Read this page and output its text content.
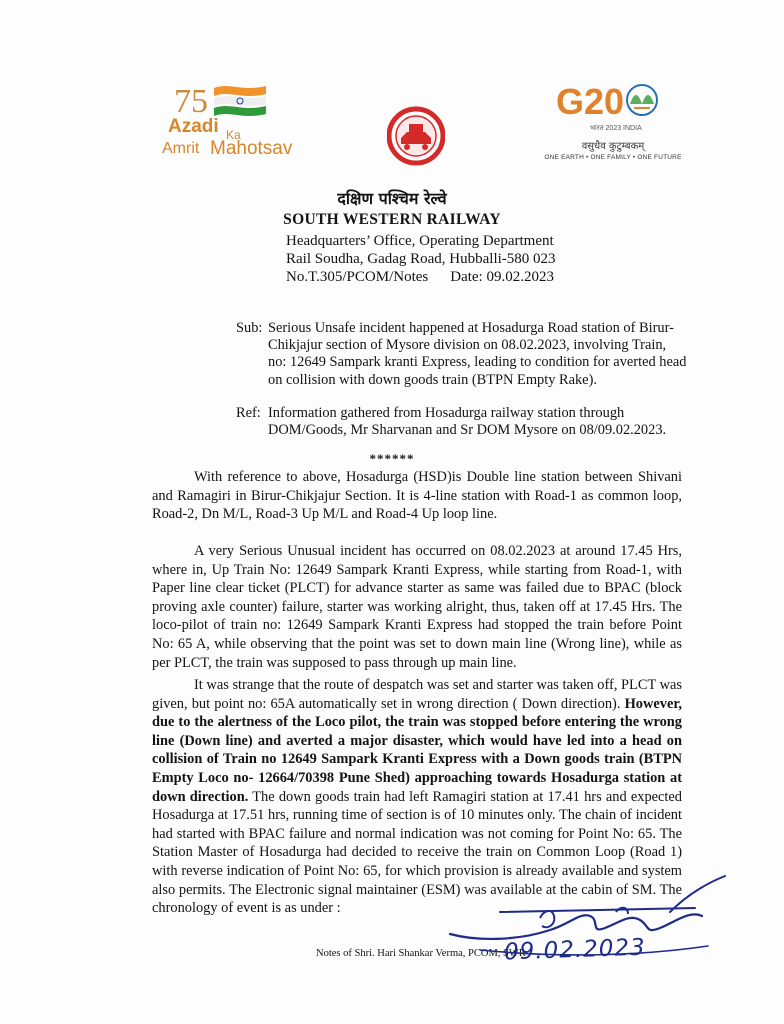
75
Azadi Ka
Amrit Mahotsav
G20
भारत 2023 INDIA
वसुधैव कुटुम्बकम्
ONE EARTH • ONE FAMILY • ONE FUTURE
दक्षिण पश्चिम रेल्वे
SOUTH WESTERN RAILWAY
Headquarters’ Office, Operating Department
Rail Soudha, Gadag Road, Hubballi-580 023
No.T.305/PCOM/Notes Date: 09.02.2023
Sub: Serious Unsafe incident happened at Hosadurga Road station of Birur-Chikjajur section of Mysore division on 08.02.2023, involving Train, no: 12649 Sampark kranti Express, leading to condition for averted head on collision with down goods train (BTPN Empty Rake).
Ref: Information gathered from Hosadurga railway station through DOM/Goods, Mr Sharvanan and Sr DOM Mysore on 08/09.02.2023.
******
With reference to above, Hosadurga (HSD)is Double line station between Shivani and Ramagiri in Birur-Chikjajur Section. It is 4-line station with Road-1 as common loop, Road-2, Dn M/L, Road-3 Up M/L and Road-4 Up loop line.
A very Serious Unusual incident has occurred on 08.02.2023 at around 17.45 Hrs, where in, Up Train No: 12649 Sampark Kranti Express, while starting from Road-1, with Paper line clear ticket (PLCT) for advance starter as same was failed due to BPAC (block proving axle counter) failure, starter was working alright, thus, taken off at 17.45 Hrs. The loco-pilot of train no: 12649 Sampark Kranti Express had stopped the train before Point No: 65 A, while observing that the point was set to down main line (Wrong line), while as per PLCT, the train was supposed to pass through up main line.
It was strange that the route of despatch was set and starter was taken off, PLCT was given, but point no: 65A automatically set in wrong direction ( Down direction). However, due to the alertness of the Loco pilot, the train was stopped before entering the wrong line (Down line) and averted a major disaster, which would have led into a head on collision of Train no 12649 Sampark Kranti Express with a Down goods train (BTPN Empty Loco no- 12664/70398 Pune Shed) approaching towards Hosadurga station at down direction. The down goods train had left Ramagiri station at 17.41 hrs and expected Hosadurga at 17.51 hrs, running time of section is of 10 minutes only. The chain of incident had started with BPAC failure and normal indication was not coming for Point No: 65. The Station Master of Hosadurga had decided to receive the train on Common Loop (Road 1) with reverse indication of Point No: 65, for which provision is already available and system also permits. The Electronic signal maintainer (ESM) was available at the cabin of SM. The chronology of event is as under :
Notes of Shri. Hari Shankar Verma, PCOM, SWR
09.02.2023
